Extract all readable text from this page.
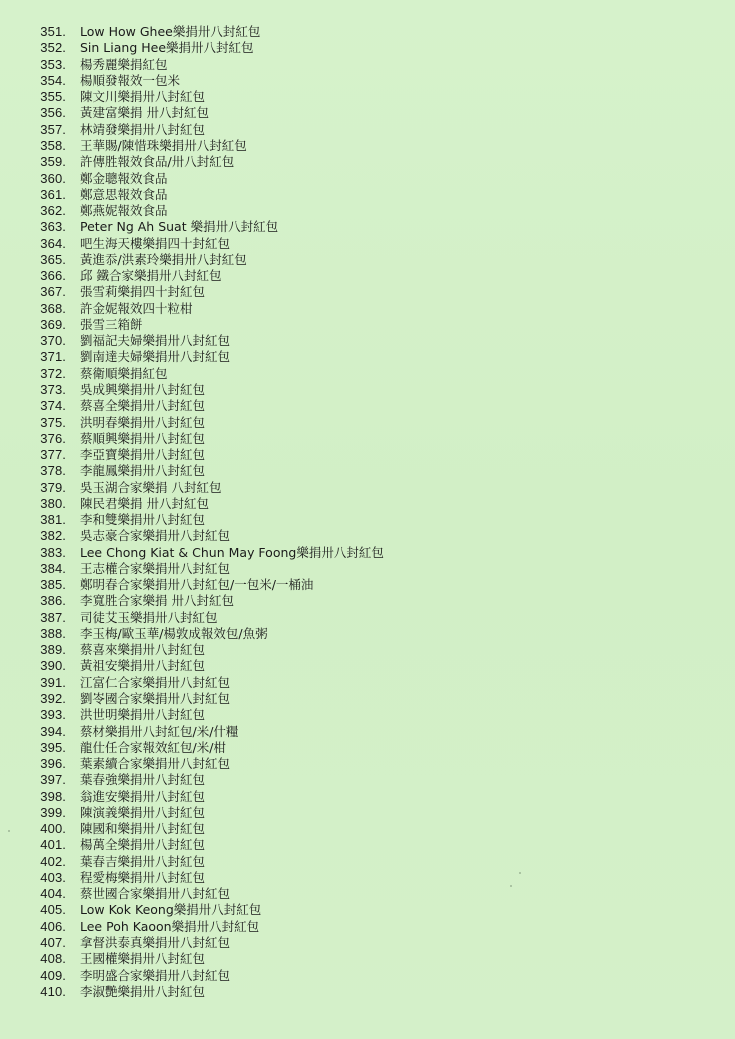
351. Low How Ghee樂捐卅八封紅包
352. Sin Liang Hee樂捐卅八封紅包
353. 楊秀麗樂捐紅包
354. 楊順發報效一包米
355. 陳文川樂捐卅八封紅包
356. 黃建富樂捐 卅八封紅包
357. 林靖發樂捐卅八封紅包
358. 王華賜/陳惜珠樂捐卅八封紅包
359. 許傳胜報效食品/卅八封紅包
360. 鄭金聰報效食品
361. 鄭意思報效食品
362. 鄭燕妮報效食品
363. Peter Ng Ah Suat 樂捐卅八封紅包
364. 吧生海天樓樂捐四十封紅包
365. 黃進忝/洪素玲樂捐卅八封紅包
366. 邱 鐵合家樂捐卅八封紅包
367. 張雪莉樂捐四十封紅包
368. 許金妮報效四十粒柑
369. 張雪三箱餅
370. 劉福記夫婦樂捐卅八封紅包
371. 劉南達夫婦樂捐卅八封紅包
372. 蔡衛順樂捐紅包
373. 吳成興樂捐卅八封紅包
374. 蔡喜全樂捐卅八封紅包
375. 洪明春樂捐卅八封紅包
376. 蔡順興樂捐卅八封紅包
377. 李亞寶樂捐卅八封紅包
378. 李龍鳳樂捐卅八封紅包
379. 吳玉湖合家樂捐 八封紅包
380. 陳民君樂捐 卅八封紅包
381. 李和雙樂捐卅八封紅包
382. 吳志豪合家樂捐卅八封紅包
383. Lee Chong Kiat & Chun May Foong樂捐卅八封紅包
384. 王志權合家樂捐卅八封紅包
385. 鄭明春合家樂捐卅八封紅包/一包米/一桶油
386. 李寬胜合家樂捐 卅八封紅包
387. 司徒艾玉樂捐卅八封紅包
388. 李玉梅/歐玉華/楊敦成報效包/魚粥
389. 蔡喜來樂捐卅八封紅包
390. 黃祖安樂捐卅八封紅包
391. 江富仁合家樂捐卅八封紅包
392. 劉岺國合家樂捐卅八封紅包
393. 洪世明樂捐卅八封紅包
394. 蔡材樂捐卅八封紅包/米/什糧
395. 龍仕任合家報效紅包/米/柑
396. 葉素續合家樂捐卅八封紅包
397. 葉春強樂捐卅八封紅包
398. 翁進安樂捐卅八封紅包
399. 陳演義樂捐卅八封紅包
400. 陳國和樂捐卅八封紅包
401. 楊萬全樂捐卅八封紅包
402. 葉春吉樂捐卅八封紅包
403. 程愛梅樂捐卅八封紅包
404. 蔡世國合家樂捐卅八封紅包
405. Low Kok Keong樂捐卅八封紅包
406. Lee Poh Kaoon樂捐卅八封紅包
407. 拿督洪泰真樂捐卅八封紅包
408. 王國權樂捐卅八封紅包
409. 李明盛合家樂捐卅八封紅包
410. 李淑艷樂捐卅八封紅包
